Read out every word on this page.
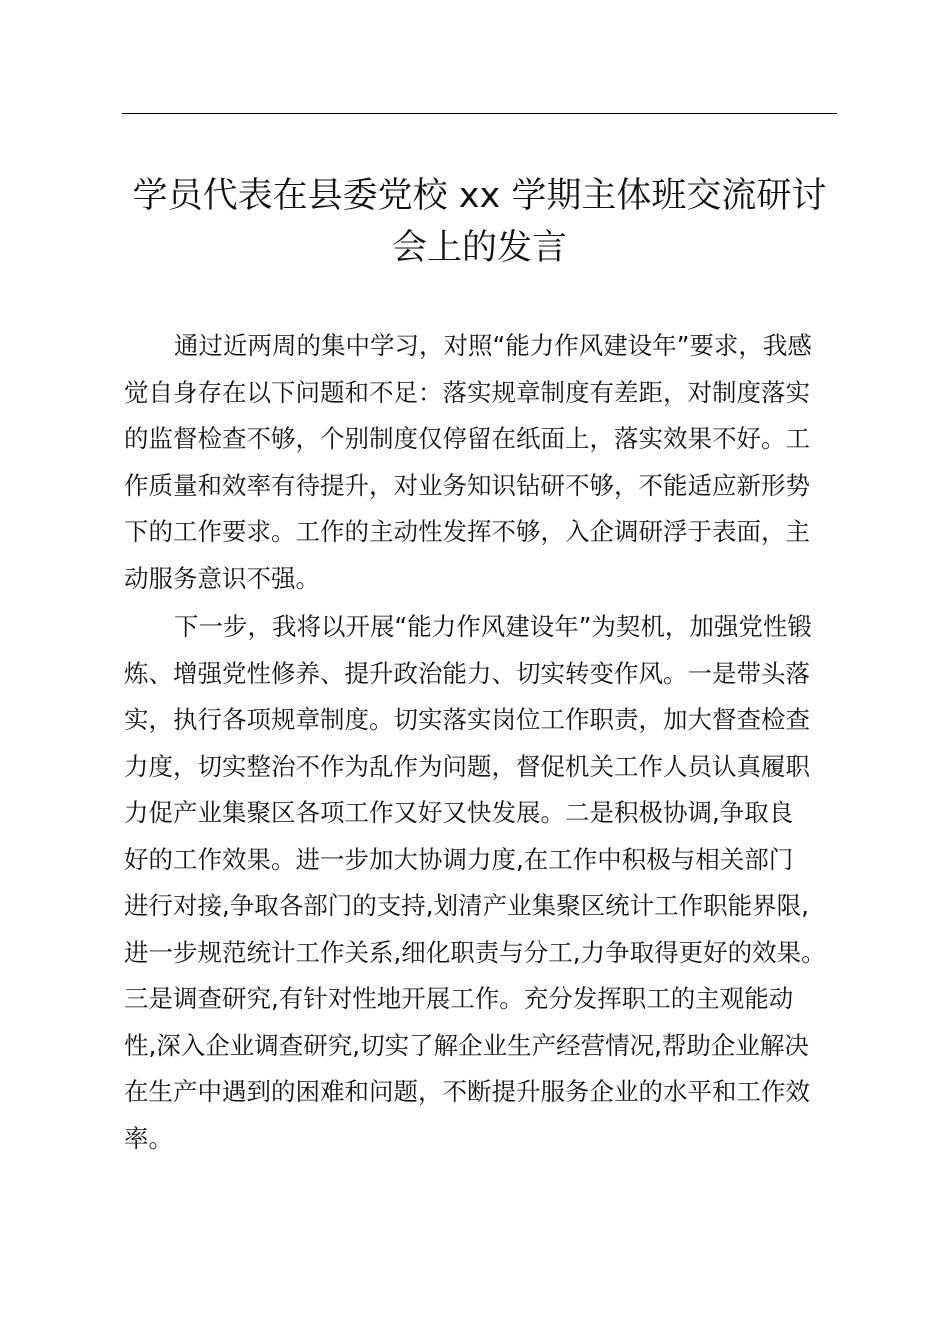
学员代表在县委党校 xx 学期主体班交流研讨
会上的发言

通过近两周的集中学习，对照“能力作风建设年”要求，我感
觉自身存在以下问题和不足：落实规章制度有差距，对制度落实
的监督检查不够，个别制度仅停留在纸面上，落实效果不好。工
作质量和效率有待提升，对业务知识钻研不够，不能适应新形势
下的工作要求。工作的主动性发挥不够，入企调研浮于表面，主
动服务意识不强。

下一步，我将以开展“能力作风建设年”为契机，加强党性锻
炼、增强党性修养、提升政治能力、切实转变作风。一是带头落
实，执行各项规章制度。切实落实岗位工作职责，加大督查检查
力度，切实整治不作为乱作为问题，督促机关工作人员认真履职
力促产业集聚区各项工作又好又快发展。二是积极协调,争取良
好的工作效果。进一步加大协调力度,在工作中积极与相关部门
进行对接,争取各部门的支持,划清产业集聚区统计工作职能界限,
进一步规范统计工作关系,细化职责与分工,力争取得更好的效果。
三是调查研究,有针对性地开展工作。充分发挥职工的主观能动
性,深入企业调查研究,切实了解企业生产经营情况,帮助企业解决
在生产中遇到的困难和问题，不断提升服务企业的水平和工作效
率。
